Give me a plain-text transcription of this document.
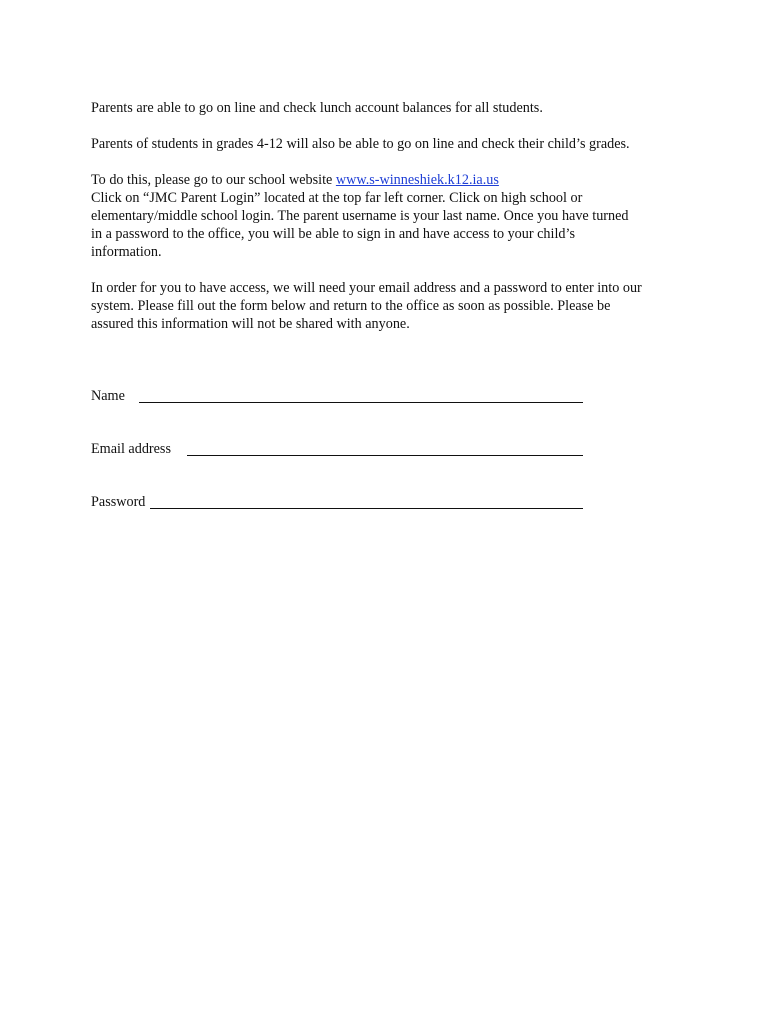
Parents are able to go on line and check lunch account balances for all students.

Parents of students in grades 4-12 will also be able to go on line and check their child’s grades.

To do this, please go to our school website www.s-winneshiek.k12.ia.us
Click on “JMC Parent Login” located at the top far left corner. Click on high school or
elementary/middle school login. The parent username is your last name. Once you have turned
in a password to the office, you will be able to sign in and have access to your child’s
information.

In order for you to have access, we will need your email address and a password to enter into our
system. Please fill out the form below and return to the office as soon as possible. Please be
assured this information will not be shared with anyone.

Name
Email address
Password
